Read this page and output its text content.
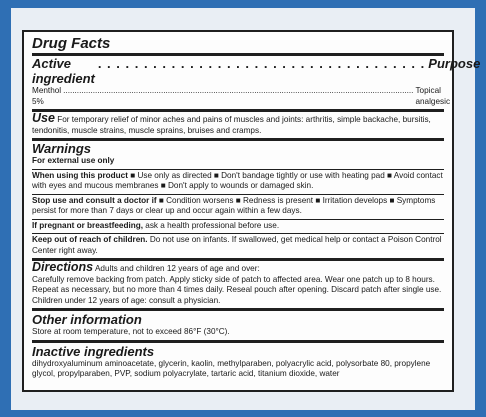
Drug Facts
Active ingredient
. . . . . . . . . . . . . . . . . . . . . . . . . . . . . . . . . . . . Purpose
Menthol 5%
.......................................................................................................................................................... Topical analgesic

Use For temporary relief of minor aches and pains of muscles and joints: arthritis, simple backache, bursitis, tendonitis, muscle strains, muscle sprains, bruises and cramps.

Warnings
For external use only

When using this product ■ Use only as directed ■ Don't bandage tightly or use with heating pad ■ Avoid contact with eyes and mucous membranes ■ Don't apply to wounds or damaged skin.

Stop use and consult a doctor if ■ Condition worsens ■ Redness is present ■ Irritation develops ■ Symptoms persist for more than 7 days or clear up and occur again within a few days.

If pregnant or breastfeeding, ask a health professional before use.

Keep out of reach of children. Do not use on infants. If swallowed, get medical help or contact a Poison Control Center right away.

Directions Adults and children 12 years of age and over:

Carefully remove backing from patch. Apply sticky side of patch to affected area. Wear one patch up to 8 hours. Repeat as necessary, but no more than 4 times daily. Reseal pouch after opening. Discard patch after single use. Children under 12 years of age: consult a physician.

Other information

Store at room temperature, not to exceed 86°F (30°C).

Inactive ingredients

dihydroxyaluminum aminoacetate, glycerin, kaolin, methylparaben, polyacrylic acid, polysorbate 80, propylene glycol, propylparaben, PVP, sodium polyacrylate, tartaric acid, titanium dioxide, water
